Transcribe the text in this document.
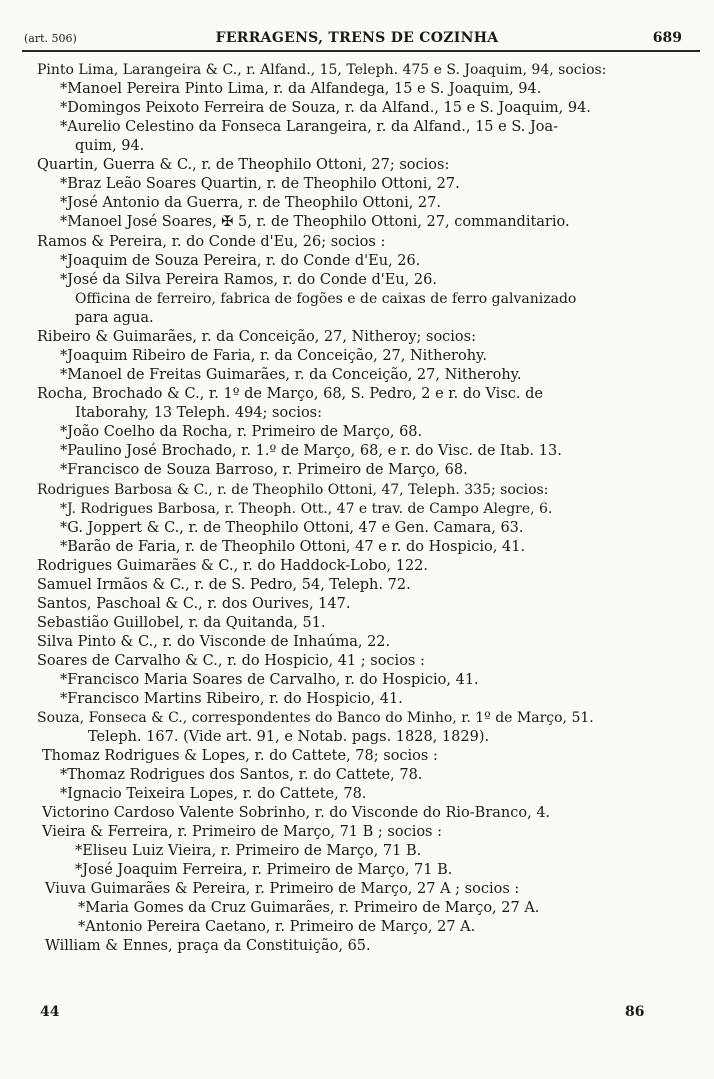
(art. 506)	FERRAGENS, TRENS DE COZINHA	689
Pinto Lima, Larangeira & C., r. Alfand., 15, Teleph. 475 e S. Joaquim, 94, socios:
*Manoel Pereira Pinto Lima, r. da Alfandega, 15 e S. Joaquim, 94.
*Domingos Peixoto Ferreira de Souza, r. da Alfand., 15 e S. Joaquim, 94.
*Aurelio Celestino da Fonseca Larangeira, r. da Alfand., 15 e S. Joa-
quim, 94.
Quartin, Guerra & C., r. de Theophilo Ottoni, 27; socios:
*Braz Leão Soares Quartin, r. de Theophilo Ottoni, 27.
*José Antonio da Guerra, r. de Theophilo Ottoni, 27.
*Manoel José Soares, ✠ 5, r. de Theophilo Ottoni, 27, commanditario.
Ramos & Pereira, r. do Conde d'Eu, 26; socios :
*Joaquim de Souza Pereira, r. do Conde d'Eu, 26.
*José da Silva Pereira Ramos, r. do Conde d'Eu, 26.
Officina de ferreiro, fabrica de fogões e de caixas de ferro galvanizado
para agua.
Ribeiro & Guimarães, r. da Conceição, 27, Nitheroy; socios:
*Joaquim Ribeiro de Faria, r. da Conceição, 27, Nitherohy.
*Manoel de Freitas Guimarães, r. da Conceição, 27, Nitherohy.
Rocha, Brochado & C., r. 1º de Março, 68, S. Pedro, 2 e r. do Visc. de
Itaborahy, 13 Teleph. 494; socios:
*João Coelho da Rocha, r. Primeiro de Março, 68.
*Paulino José Brochado, r. 1.º de Março, 68, e r. do Visc. de Itab. 13.
*Francisco de Souza Barroso, r. Primeiro de Março, 68.
Rodrigues Barbosa & C., r. de Theophilo Ottoni, 47, Teleph. 335; socios:
*J. Rodrigues Barbosa, r. Theoph. Ott., 47 e trav. de Campo Alegre, 6.
*G. Joppert & C., r. de Theophilo Ottoni, 47 e Gen. Camara, 63.
*Barão de Faria, r. de Theophilo Ottoni, 47 e r. do Hospicio, 41.
Rodrigues Guimarães & C., r. do Haddock-Lobo, 122.
Samuel Irmãos & C., r. de S. Pedro, 54, Teleph. 72.
Santos, Paschoal & C., r. dos Ourives, 147.
Sebastião Guillobel, r. da Quitanda, 51.
Silva Pinto & C., r. do Visconde de Inhaúma, 22.
Soares de Carvalho & C., r. do Hospicio, 41 ; socios :
*Francisco Maria Soares de Carvalho, r. do Hospicio, 41.
*Francisco Martins Ribeiro, r. do Hospicio, 41.
Souza, Fonseca & C., correspondentes do Banco do Minho, r. 1º de Março, 51.
Teleph. 167. (Vide art. 91, e Notab. pags. 1828, 1829).
Thomaz Rodrigues & Lopes, r. do Cattete, 78; socios :
*Thomaz Rodrigues dos Santos, r. do Cattete, 78.
*Ignacio Teixeira Lopes, r. do Cattete, 78.
Victorino Cardoso Valente Sobrinho, r. do Visconde do Rio-Branco, 4.
Vieira & Ferreira, r. Primeiro de Março, 71 B ; socios :
*Eliseu Luiz Vieira, r. Primeiro de Março, 71 B.
*José Joaquim Ferreira, r. Primeiro de Março, 71 B.
Viuva Guimarães & Pereira, r. Primeiro de Março, 27 A ; socios :
*Maria Gomes da Cruz Guimarães, r. Primeiro de Março, 27 A.
*Antonio Pereira Caetano, r. Primeiro de Março, 27 A.
William & Ennes, praça da Constituição, 65.
44	86
